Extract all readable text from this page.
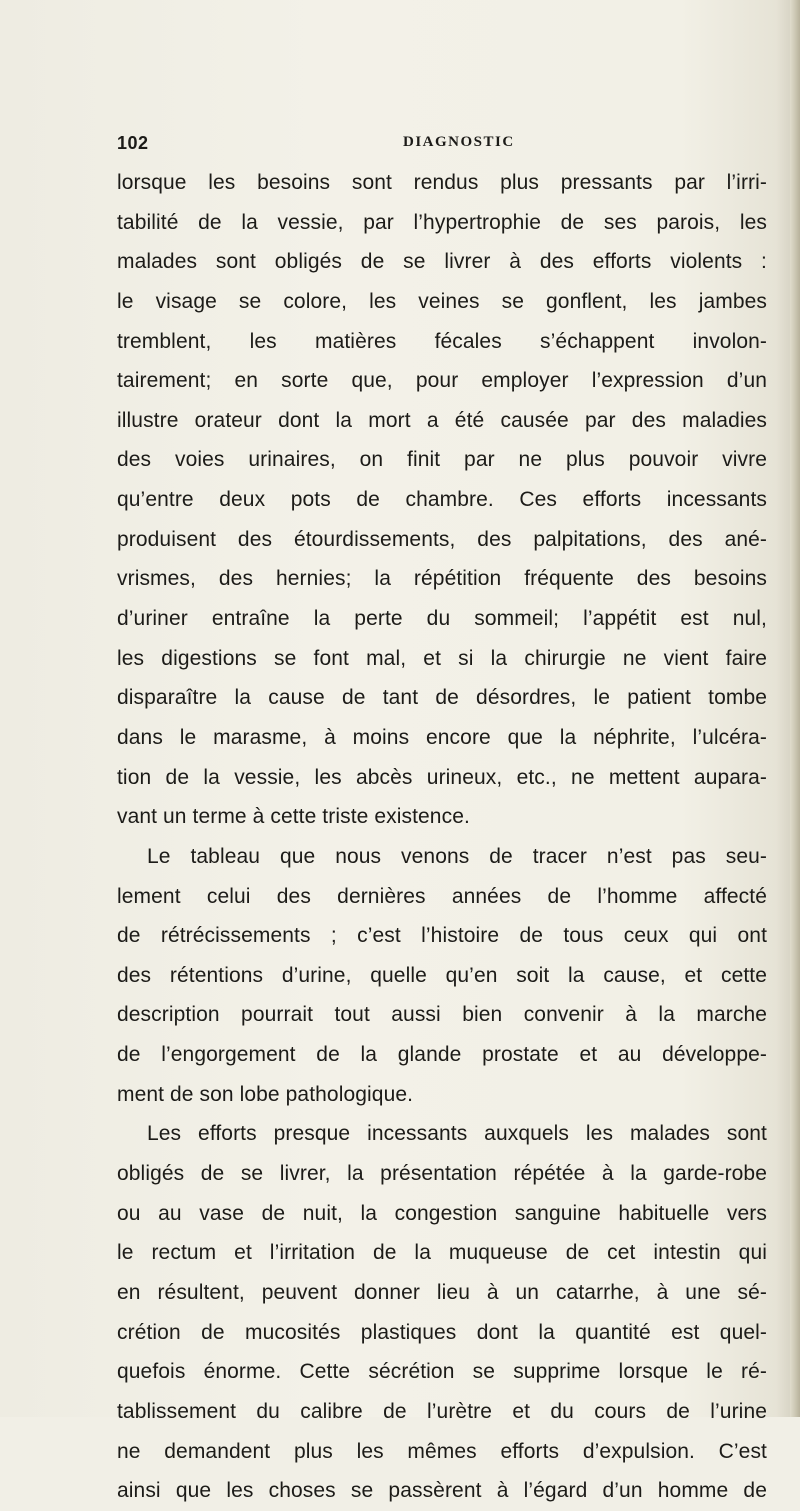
102	DIAGNOSTIC
lorsque les besoins sont rendus plus pressants par l’irri-
tabilité de la vessie, par l’hypertrophie de ses parois, les
malades sont obligés de se livrer à des efforts violents :
le visage se colore, les veines se gonflent, les jambes
tremblent, les matières fécales s’échappent involon-
tairement; en sorte que, pour employer l’expression d’un
illustre orateur dont la mort a été causée par des maladies
des voies urinaires, on finit par ne plus pouvoir vivre
qu’entre deux pots de chambre. Ces efforts incessants
produisent des étourdissements, des palpitations, des ané-
vrismes, des hernies; la répétition fréquente des besoins
d’uriner entraîne la perte du sommeil; l’appétit est nul,
les digestions se font mal, et si la chirurgie ne vient faire
disparaître la cause de tant de désordres, le patient tombe
dans le marasme, à moins encore que la néphrite, l’ulcéra-
tion de la vessie, les abcès urineux, etc., ne mettent aupara-
vant un terme à cette triste existence.
Le tableau que nous venons de tracer n’est pas seu-
lement celui des dernières années de l’homme affecté
de rétrécissements ; c’est l’histoire de tous ceux qui ont
des rétentions d’urine, quelle qu’en soit la cause, et cette
description pourrait tout aussi bien convenir à la marche
de l’engorgement de la glande prostate et au développe-
ment de son lobe pathologique.
Les efforts presque incessants auxquels les malades sont
obligés de se livrer, la présentation répétée à la garde-robe
ou au vase de nuit, la congestion sanguine habituelle vers
le rectum et l’irritation de la muqueuse de cet intestin qui
en résultent, peuvent donner lieu à un catarrhe, à une sé-
crétion de mucosités plastiques dont la quantité est quel-
quefois énorme. Cette sécrétion se supprime lorsque le ré-
tablissement du calibre de l’urètre et du cours de l’urine
ne demandent plus les mêmes efforts d’expulsion. C’est
ainsi que les choses se passèrent à l’égard d’un homme de
